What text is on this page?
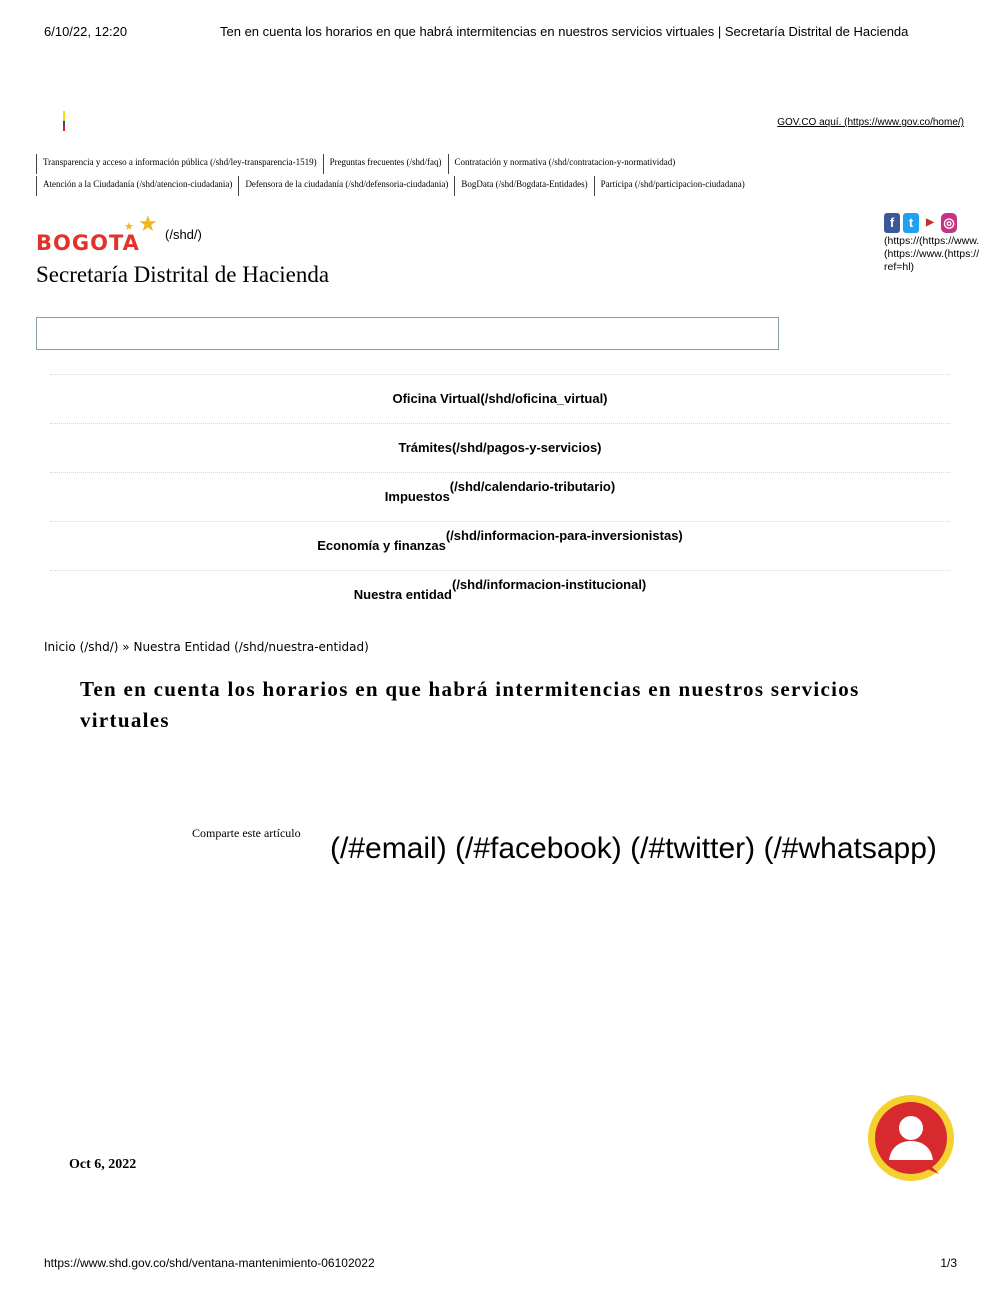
6/10/22, 12:20	Ten en cuenta los horarios en que habrá intermitencias en nuestros servicios virtuales | Secretaría Distrital de Hacienda
GOV.CO aquí. (https://www.gov.co/home/)
Transparencia y acceso a información pública (/shd/ley-transparencia-1519)	Preguntas frecuentes (/shd/faq)	Contratación y normativa (/shd/contratacion-y-normatividad)
Atención a la Ciudadanía (/shd/atencion-ciudadania)	Defensora de la ciudadanía (/shd/defensoria-ciudadania)	BogData (/shd/Bogdata-Entidades)	Participa (/shd/participacion-ciudadana)
★ ★
BOGOTA (/shd/)
Secretaría Distrital de Hacienda
f	t	▶ ◎
(https://(https://www.(https://www.(https:// ref=hl)
Oficina Virtual(/shd/oficina_virtual)
Trámites(/shd/pagos-y-servicios)
Impuestos(/shd/calendario-tributario)
Economía y finanzas(/shd/informacion-para-inversionistas)
Nuestra entidad(/shd/informacion-institucional)
Inicio (/shd/) » Nuestra Entidad (/shd/nuestra-entidad)
Ten en cuenta los horarios en que habrá intermitencias en nuestros servicios virtuales
Comparte este artículo (/#email) (/#facebook) (/#twitter) (/#whatsapp)
Oct 6, 2022
https://www.shd.gov.co/shd/ventana-mantenimiento-06102022	1/3
